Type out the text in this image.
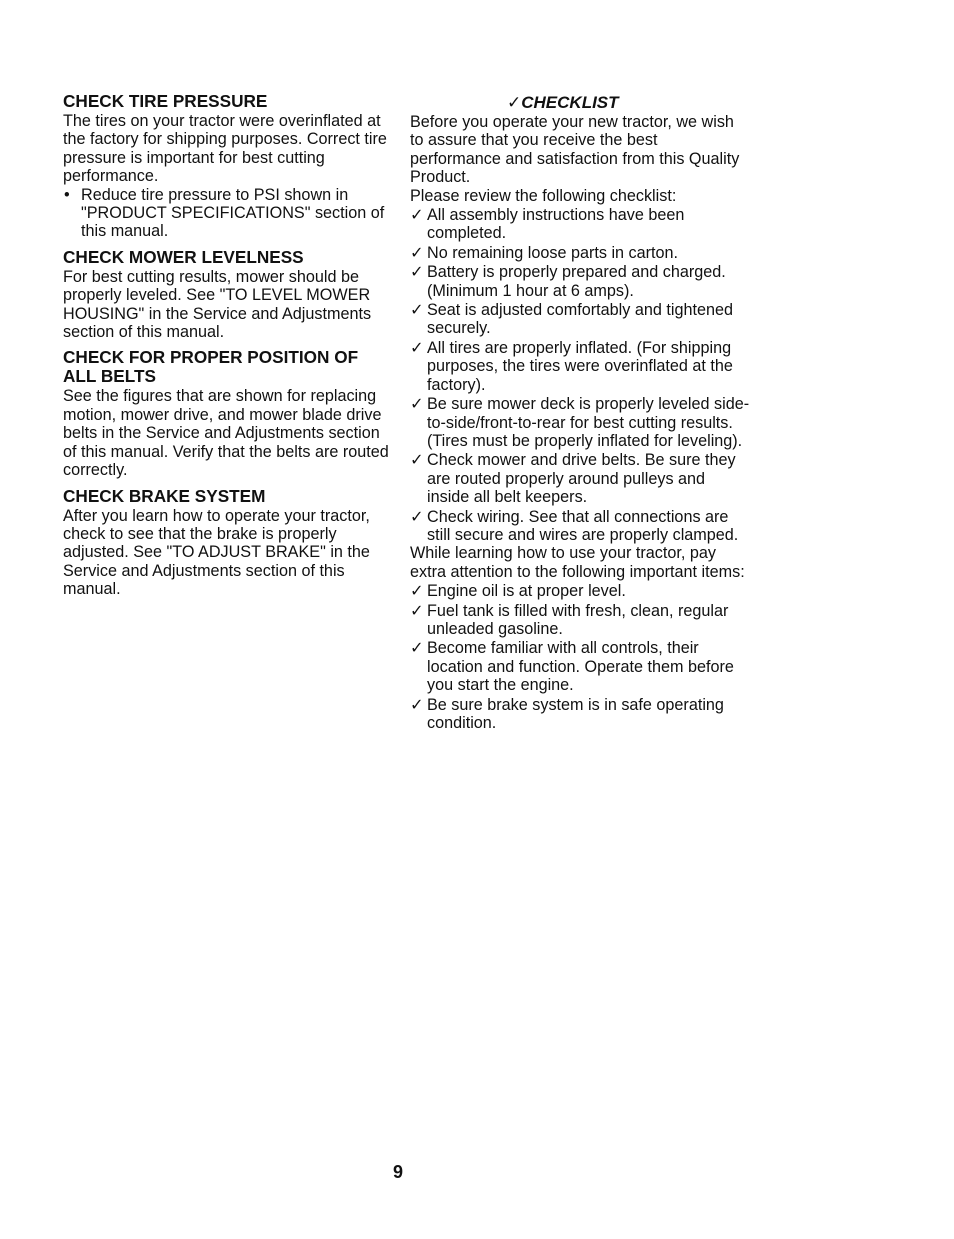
CHECK TIRE PRESSURE

The tires on your tractor were overinflated at the factory for shipping purposes. Correct tire pressure is important for best cutting performance.

• Reduce tire pressure to PSI shown in "PRODUCT SPECIFICATIONS" section of this manual.
CHECK MOWER LEVELNESS

For best cutting results, mower should be properly leveled. See "TO LEVEL MOWER HOUSING" in the Service and Adjustments section of this manual.

CHECK FOR PROPER POSITION OF ALL BELTS

See the figures that are shown for replacing motion, mower drive, and mower blade drive belts in the Service and Adjustments section of this manual. Verify that the belts are routed correctly.

CHECK BRAKE SYSTEM

After you learn how to operate your tractor, check to see that the brake is properly adjusted. See "TO ADJUST BRAKE" in the Service and Adjustments section of this manual.

✓CHECKLIST

Before you operate your new tractor, we wish to assure that you receive the best performance and satisfaction from this Quality Product.

Please review the following checklist:

✓ All assembly instructions have been completed.
✓ No remaining loose parts in carton.
✓ Battery is properly prepared and charged. (Minimum 1 hour at 6 amps).
✓ Seat is adjusted comfortably and tightened securely.
✓ All tires are properly inflated. (For shipping purposes, the tires were overinflated at the factory).
✓ Be sure mower deck is properly leveled side-to-side/front-to-rear for best cutting results. (Tires must be properly inflated for leveling).
✓ Check mower and drive belts. Be sure they are routed properly around pulleys and inside all belt keepers.
✓ Check wiring. See that all connections are still secure and wires are properly clamped.

While learning how to use your tractor, pay extra attention to the following important items:

✓ Engine oil is at proper level.
✓ Fuel tank is filled with fresh, clean, regular unleaded gasoline.
✓ Become familiar with all controls, their location and function. Operate them before you start the engine.
✓ Be sure brake system is in safe operating condition.
9
